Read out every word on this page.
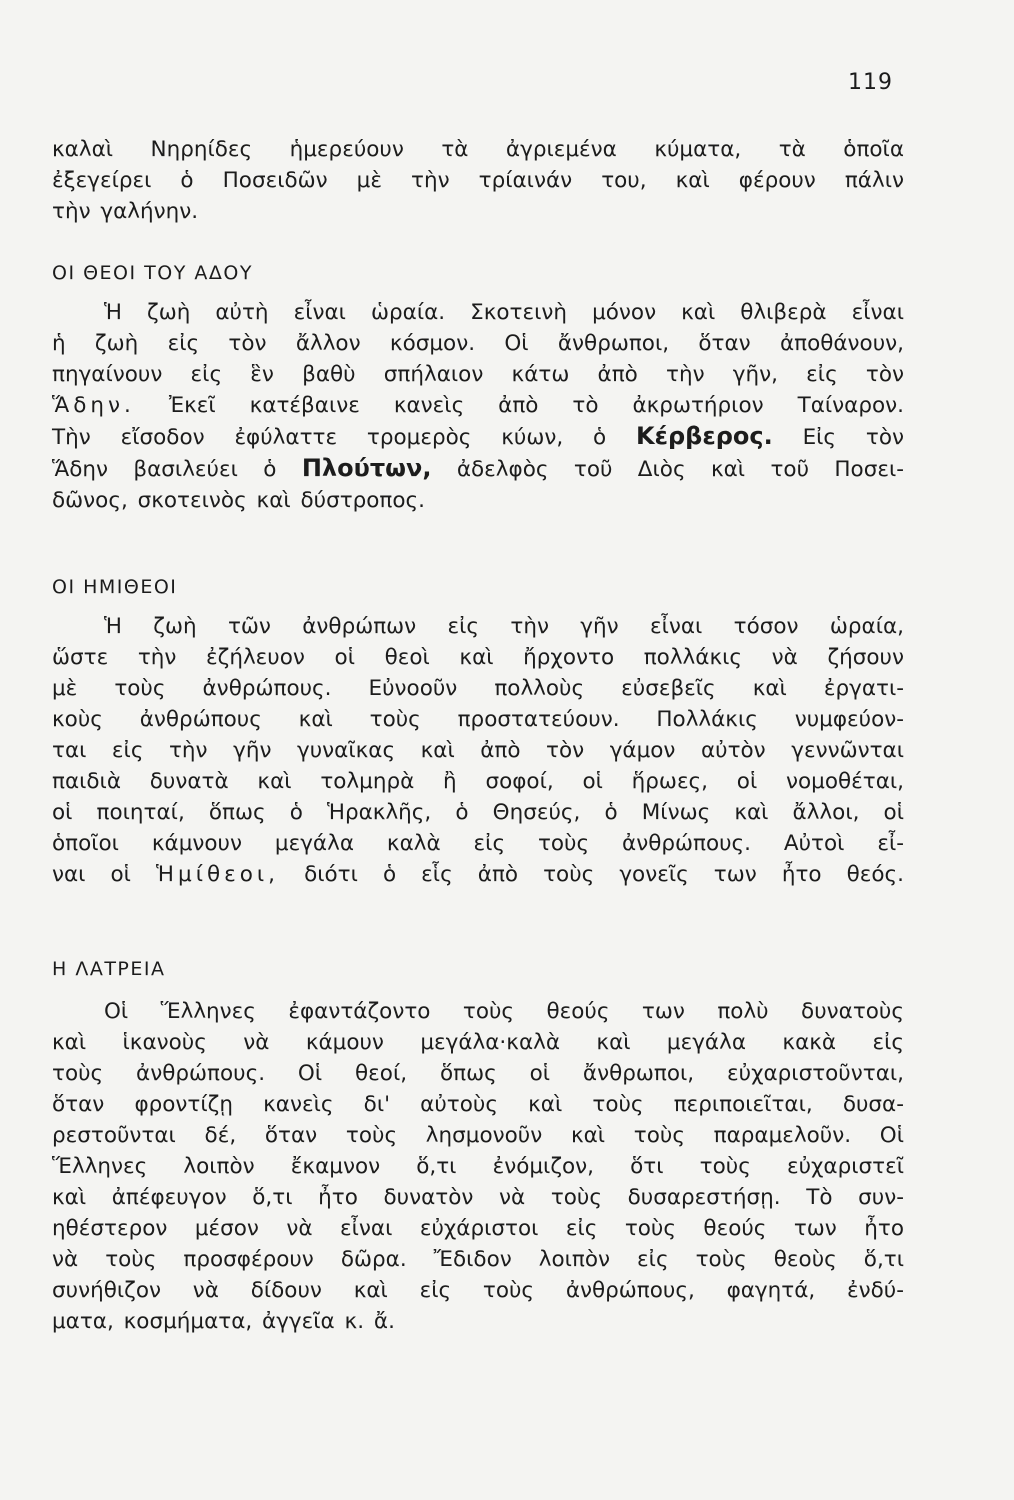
119

καλαὶ Νηρηίδες ἡμερεύουν τὰ ἀγριεμένα κύματα, τὰ ὁποῖα
ἐξεγείρει ὁ Ποσειδῶν μὲ τὴν τρίαινάν του, καὶ φέρουν πάλιν
τὴν γαλήνην.

ΟΙ ΘΕΟΙ ΤΟΥ ΑΔΟΥ

Ἡ ζωὴ αὐτὴ εἶναι ὡραία. Σκοτεινὴ μόνον καὶ θλιβερὰ εἶναι
ἡ ζωὴ εἰς τὸν ἄλλον κόσμον. Οἱ ἄνθρωποι, ὅταν ἀποθάνουν,
πηγαίνουν εἰς ἓν βαθὺ σπήλαιον κάτω ἀπὸ τὴν γῆν, εἰς τὸν
Ἅδην. Ἐκεῖ κατέβαινε κανεὶς ἀπὸ τὸ ἀκρωτήριον Ταίναρον.
Τὴν εἴσοδον ἐφύλαττε τρομερὸς κύων, ὁ Κέρβερος. Εἰς τὸν
Ἅδην βασιλεύει ὁ Πλούτων, ἀδελφὸς τοῦ Διὸς καὶ τοῦ Ποσει-
δῶνος, σκοτεινὸς καὶ δύστροπος.

ΟΙ ΗΜΙΘΕΟΙ

Ἡ ζωὴ τῶν ἀνθρώπων εἰς τὴν γῆν εἶναι τόσον ὡραία,
ὥστε τὴν ἐζήλευον οἱ θεοὶ καὶ ἤρχοντο πολλάκις νὰ ζήσουν
μὲ τοὺς ἀνθρώπους. Εὐνοοῦν πολλοὺς εὐσεβεῖς καὶ ἐργατι-
κοὺς ἀνθρώπους καὶ τοὺς προστατεύουν. Πολλάκις νυμφεύον-
ται εἰς τὴν γῆν γυναῖκας καὶ ἀπὸ τὸν γάμον αὐτὸν γεννῶνται
παιδιὰ δυνατὰ καὶ τολμηρὰ ἢ σοφοί, οἱ ἥρωες, οἱ νομοθέται,
οἱ ποιηταί, ὅπως ὁ Ἡρακλῆς, ὁ Θησεύς, ὁ Μίνως καὶ ἄλλοι, οἱ
ὁποῖοι κάμνουν μεγάλα καλὰ εἰς τοὺς ἀνθρώπους. Αὐτοὶ εἶ-
ναι οἱ Ἡμίθεοι, διότι ὁ εἷς ἀπὸ τοὺς γονεῖς των ἦτο θεός.

Η ΛΑΤΡΕΙΑ

Οἱ Ἕλληνες ἐφαντάζοντο τοὺς θεούς των πολὺ δυνατοὺς
καὶ ἱκανοὺς νὰ κάμουν μεγάλα·καλὰ καὶ μεγάλα κακὰ εἰς
τοὺς ἀνθρώπους. Οἱ θεοί, ὅπως οἱ ἄνθρωποι, εὐχαριστοῦνται,
ὅταν φροντίζῃ κανεὶς δι' αὐτοὺς καὶ τοὺς περιποιεῖται, δυσα-
ρεστοῦνται δέ, ὅταν τοὺς λησμονοῦν καὶ τοὺς παραμελοῦν. Οἱ
Ἕλληνες λοιπὸν ἔκαμνον ὅ,τι ἐνόμιζον, ὅτι τοὺς εὐχαριστεῖ
καὶ ἀπέφευγον ὅ,τι ἦτο δυνατὸν νὰ τοὺς δυσαρεστήσῃ. Τὸ συν-
ηθέστερον μέσον νὰ εἶναι εὐχάριστοι εἰς τοὺς θεούς των ἦτο
νὰ τοὺς προσφέρουν δῶρα. Ἔδιδον λοιπὸν εἰς τοὺς θεοὺς ὅ,τι
συνήθιζον νὰ δίδουν καὶ εἰς τοὺς ἀνθρώπους, φαγητά, ἐνδύ-
ματα, κοσμήματα, ἀγγεῖα κ. ἄ.
